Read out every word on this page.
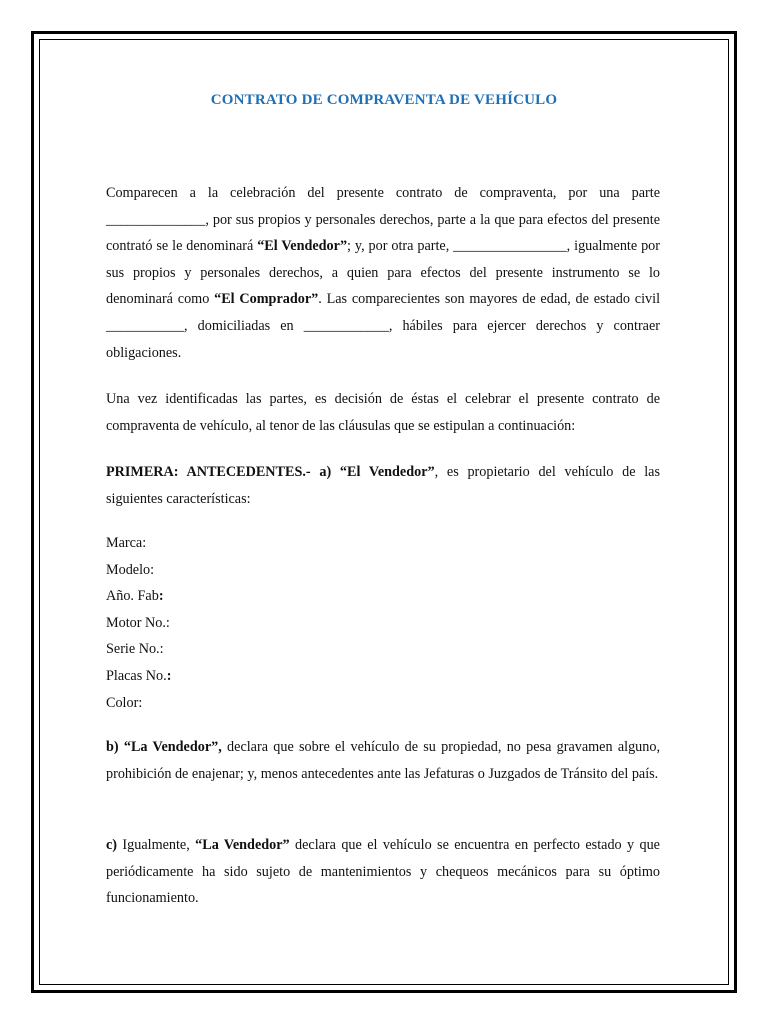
CONTRATO DE COMPRAVENTA DE VEHÍCULO

Comparecen a la celebración del presente contrato de compraventa, por una parte ______________, por sus propios y personales derechos, parte a la que para efectos del presente contrató se le denominará “El Vendedor”; y, por otra parte, ________________, igualmente por sus propios y personales derechos, a quien para efectos del presente instrumento se lo denominará como “El Comprador”. Las comparecientes son mayores de edad, de estado civil ___________, domiciliadas en ____________, hábiles para ejercer derechos y contraer obligaciones.

Una vez identificadas las partes, es decisión de éstas el celebrar el presente contrato de compraventa de vehículo, al tenor de las cláusulas que se estipulan a continuación:

PRIMERA: ANTECEDENTES.- a) “El Vendedor”, es propietario del vehículo de las siguientes características:

Marca:
Modelo:
Año. Fab:
Motor No.:
Serie No.:
Placas No.:
Color:

b) “La Vendedor”, declara que sobre el vehículo de su propiedad, no pesa gravamen alguno, prohibición de enajenar; y, menos antecedentes ante las Jefaturas o Juzgados de Tránsito del país.

c) Igualmente, “La Vendedor” declara que el vehículo se encuentra en perfecto estado y que periódicamente ha sido sujeto de mantenimientos y chequeos mecánicos para su óptimo funcionamiento.
